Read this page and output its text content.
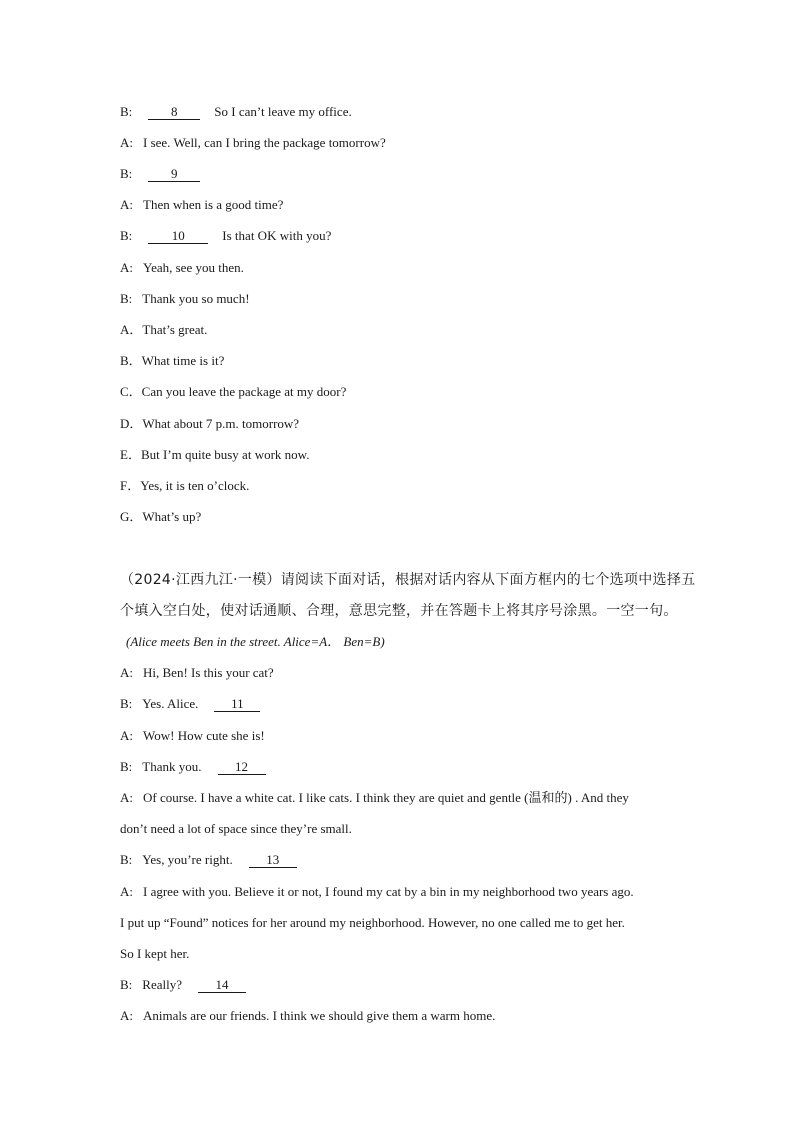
B:	8	So I can’t leave my office.
A: I see. Well, can I bring the package tomorrow?
B:	9
A: Then when is a good time?
B:	10	Is that OK with you?
A: Yeah, see you then.
B: Thank you so much!
A．That’s great.
B．What time is it?
C．Can you leave the package at my door?
D．What about 7 p.m. tomorrow?
E．But I’m quite busy at work now.
F．Yes, it is ten o’clock.
G．What’s up?
（2024·江西九江·一模）请阅读下面对话，根据对话内容从下面方框内的七个选项中选择五
个填入空白处，使对话通顺、合理，意思完整，并在答题卡上将其序号涂黑。一空一句。
(Alice meets Ben in the street. Alice=A． Ben=B)
A: Hi, Ben! Is this your cat?
B: Yes. Alice.	11
A: Wow! How cute she is!
B: Thank you.	12
A: Of course. I have a white cat. I like cats. I think they are quiet and gentle (温和的) . And they
don’t need a lot of space since they’re small.
B: Yes, you’re right.	13
A: I agree with you. Believe it or not, I found my cat by a bin in my neighborhood two years ago.
I put up “Found” notices for her around my neighborhood. However, no one called me to get her.
So I kept her.
B: Really?	14
A: Animals are our friends. I think we should give them a warm home.
